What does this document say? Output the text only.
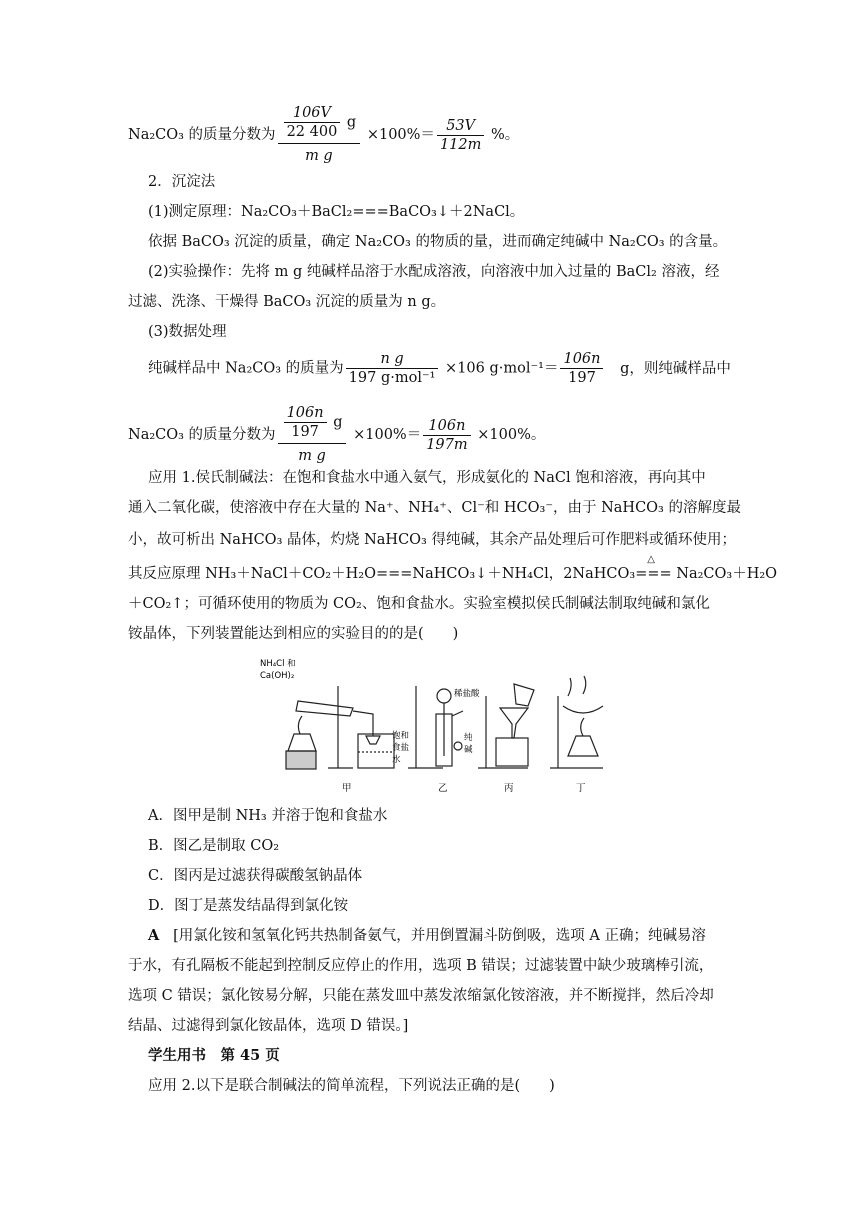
Na₂CO₃ 的质量分数为 $\frac{\frac{106V}{22 400} g}{\text{m g}} \times 100\%= \frac{53V}{112m}$ %。
2．沉淀法
(1)测定原理：Na₂CO₃＋BaCl₂===BaCO₃↓＋2NaCl。
依据 BaCO₃ 沉淀的质量，确定 Na₂CO₃ 的物质的量，进而确定纯碱中 Na₂CO₃ 的含量。
(2)实验操作：先将 m g 纯碱样品溶于水配成溶液，向溶液中加入过量的 BaCl₂ 溶液，经
过滤、洗涤、干燥得 BaCO₃ 沉淀的质量为 n g。
(3)数据处理
纯碱样品中 Na₂CO₃ 的质量为 $\frac{\text{n g}}{\text{197 g·mol⁻¹}} \times 106$ $g\cdot mol^{-1}= \frac{106n}{197}$ g，则纯碱样品中
Na₂CO₃ 的质量分数为 $\frac{\frac{106n}{197} g}{\text{m g}} \times 100\%= \frac{106n}{197m} \times 100\%$。
应用 1.侯氏制碱法：在饱和食盐水中通入氨气，形成氨化的 NaCl 饱和溶液，再向其中
通入二氧化碳，使溶液中存在大量的 Na⁺、NH₄⁺、Cl⁻和 HCO₃⁻，由于 NaHCO₃ 的溶解度最
小，故可析出 NaHCO₃ 晶体，灼烧 NaHCO₃ 得纯碱，其余产品处理后可作肥料或循环使用；
其反应原理 NH₃＋NaCl＋CO₂＋H₂O===NaHCO₃↓＋NH₄Cl，2NaHCO₃
△
=== Na₂CO₃＋H₂O
＋CO₂↑；可循环使用的物质为 CO₂、饱和食盐水。实验室模拟侯氏制碱法制取纯碱和氯化
铵晶体，下列装置能达到相应的实验目的的是(　　)
NH₄Cl 和
Ca(OH)₂
稀盐酸
饱和
食盐
水
纯
碱
甲	乙	丙	丁
A．图甲是制 NH₃ 并溶于饱和食盐水
B．图乙是制取 CO₂
C．图丙是过滤获得碳酸氢钠晶体
D．图丁是蒸发结晶得到氯化铵
A [用氯化铵和氢氧化钙共热制备氨气，并用倒置漏斗防倒吸，选项 A 正确；纯碱易溶
于水，有孔隔板不能起到控制反应停止的作用，选项 B 错误；过滤装置中缺少玻璃棒引流，
选项 C 错误；氯化铵易分解，只能在蒸发皿中蒸发浓缩氯化铵溶液，并不断搅拌，然后冷却
结晶、过滤得到氯化铵晶体，选项 D 错误。]
学生用书　第 45 页
应用 2.以下是联合制碱法的简单流程，下列说法正确的是(　　)
